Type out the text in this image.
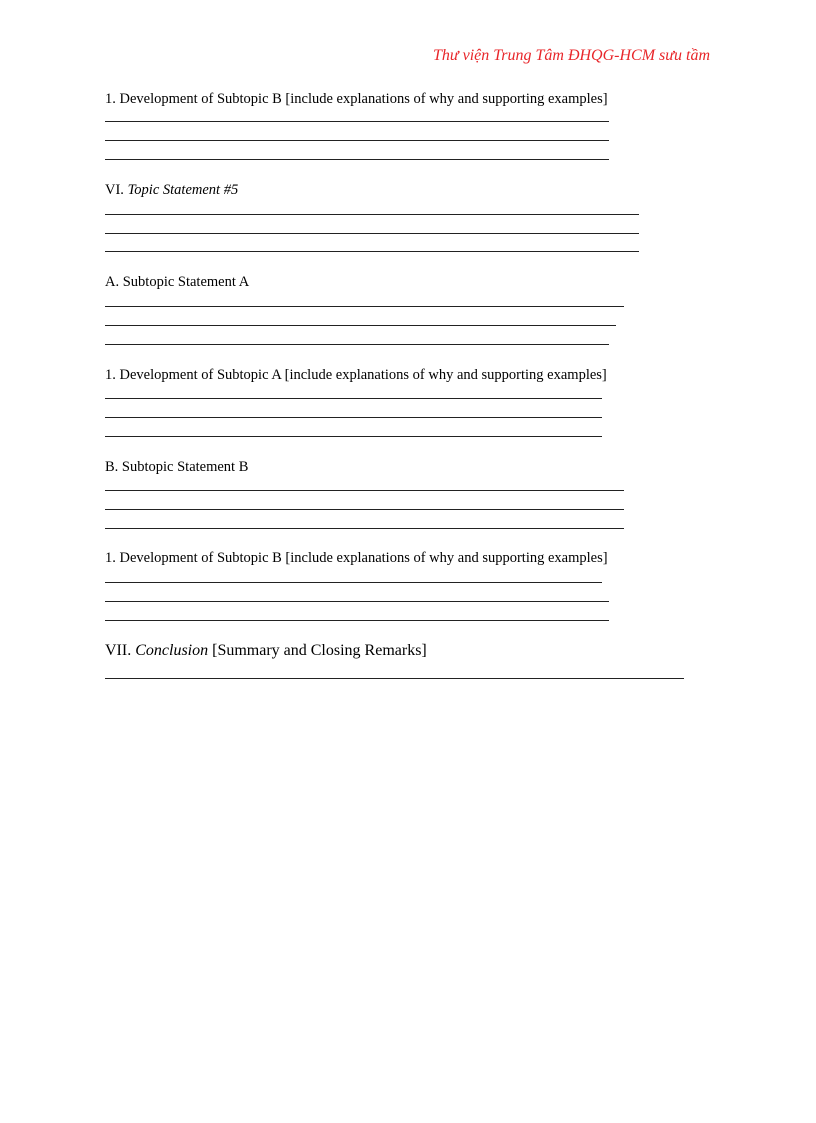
Thư viện Trung Tâm ĐHQG-HCM sưu tầm
1. Development of Subtopic B [include explanations of why and supporting examples]
VI. Topic Statement #5
A. Subtopic Statement A
1. Development of Subtopic A [include explanations of why and supporting examples]
B. Subtopic Statement B
1. Development of Subtopic B [include explanations of why and supporting examples]
VII. Conclusion [Summary and Closing Remarks]
